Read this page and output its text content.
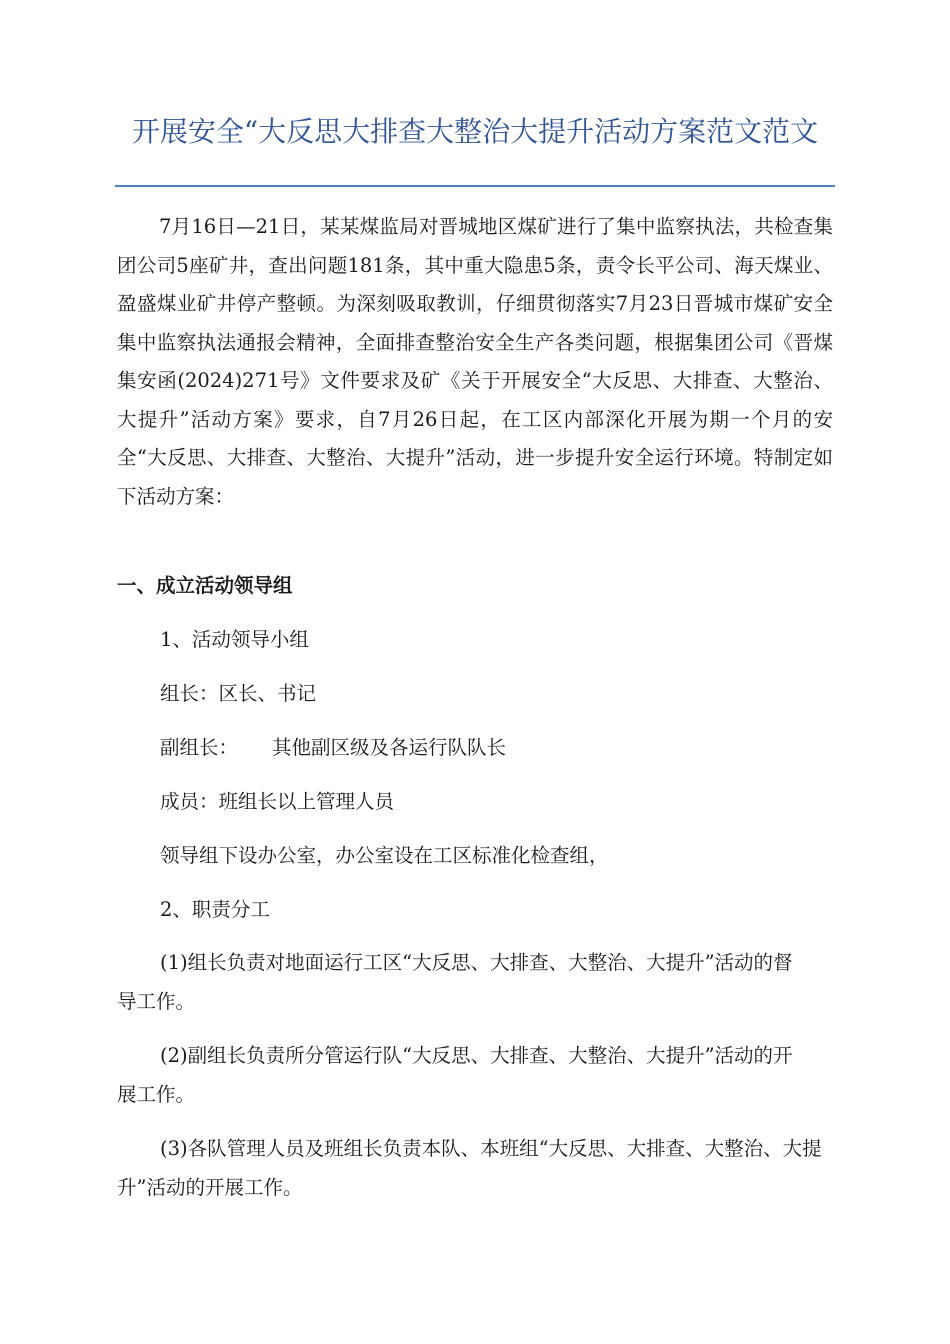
开展安全“大反思大排查大整治大提升活动方案范文范文

7月16日—21日，某某煤监局对晋城地区煤矿进行了集中监察执法，共检查集团公司5座矿井，查出问题181条，其中重大隐患5条，责令长平公司、海天煤业、盈盛煤业矿井停产整顿。为深刻吸取教训，仔细贯彻落实7月23日晋城市煤矿安全集中监察执法通报会精神，全面排查整治安全生产各类问题，根据集团公司《晋煤集安函(2024)271号》文件要求及矿《关于开展安全“大反思、大排查、大整治、大提升”活动方案》要求，自7月26日起，在工区内部深化开展为期一个月的安全“大反思、大排查、大整治、大提升”活动，进一步提升安全运行环境。特制定如下活动方案：

一、成立活动领导组

1、活动领导小组

组长：区长、书记

副组长： 其他副区级及各运行队队长

成员：班组长以上管理人员

领导组下设办公室，办公室设在工区标准化检查组，

2、职责分工

(1)组长负责对地面运行工区“大反思、大排查、大整治、大提升”活动的督导工作。

(2)副组长负责所分管运行队“大反思、大排查、大整治、大提升”活动的开展工作。

(3)各队管理人员及班组长负责本队、本班组“大反思、大排查、大整治、大提升”活动的开展工作。
